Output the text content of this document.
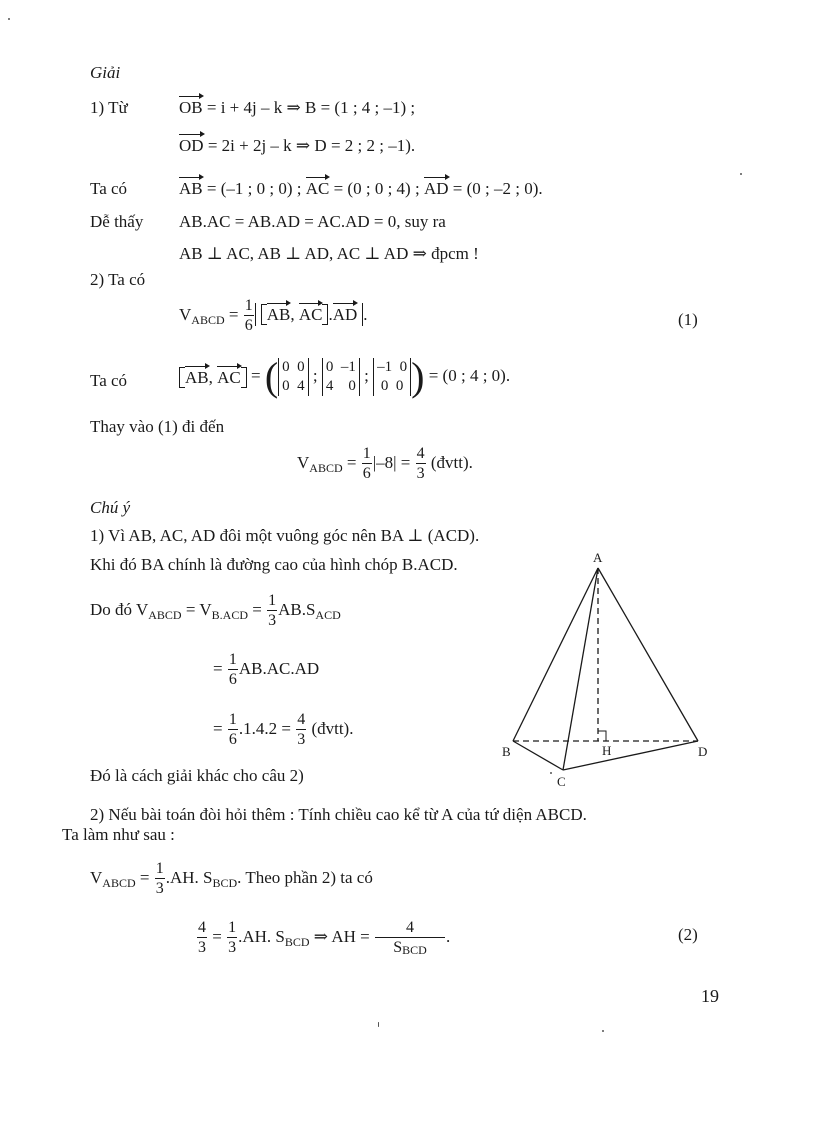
Giải
1) Từ	OB = i + 4j – k ⇒ B = (1 ; 4 ; –1) ;
OD = 2i + 2j – k ⇒ D = 2 ; 2 ; –1).
Ta có	AB = (–1 ; 0 ; 0) ; AC = (0 ; 0 ; 4) ; AD = (0 ; –2 ; 0).
Dễ thấy AB.AC = AB.AD = AC.AD = 0, suy ra
AB ⊥ AC, AB ⊥ AD, AC ⊥ AD ⇒ đpcm !
2) Ta có
$V_{ABCD} = \frac{1}{6}$ AB, AC .AD .	(1)
Ta có	AB, AC = ( 0  0
0  4
; 0  –1
4    0
; –1  0
0  0 ) = (0 ; 4 ; 0).
Thay vào (1) đi đến
$V_{ABCD} = \frac{1}{6} |-8| = \frac{4}{3}$ (đvtt).
Chú ý
1) Vì AB, AC, AD đôi một vuông góc nên BA ⊥ (ACD).
Khi đó BA chính là đường cao của hình chóp B.ACD.
Do đó $V_{ABCD} = V_{B.ACD} = \frac{1}{3} AB.S_{ACD}$
= $\frac{1}{6} AB.AC.AD$
= $\frac{1}{6} .1.4.2 = \frac{4}{3}$ (đvtt).
Đó là cách giải khác cho câu 2)
A
B
C
D
H
2) Nếu bài toán đòi hỏi thêm : Tính chiều cao kể từ A của tứ diện ABCD.
Ta làm như sau :
$V_{ABCD} = \frac{1}{3} .AH$. $S_{BCD}$. Theo phần 2) ta có
$\frac{4}{3} = \frac{1}{3} .AH$. $S_{BCD}$ ⇒ AH = $\frac{4}{\text{SBCD}}$ .	(2)
19
